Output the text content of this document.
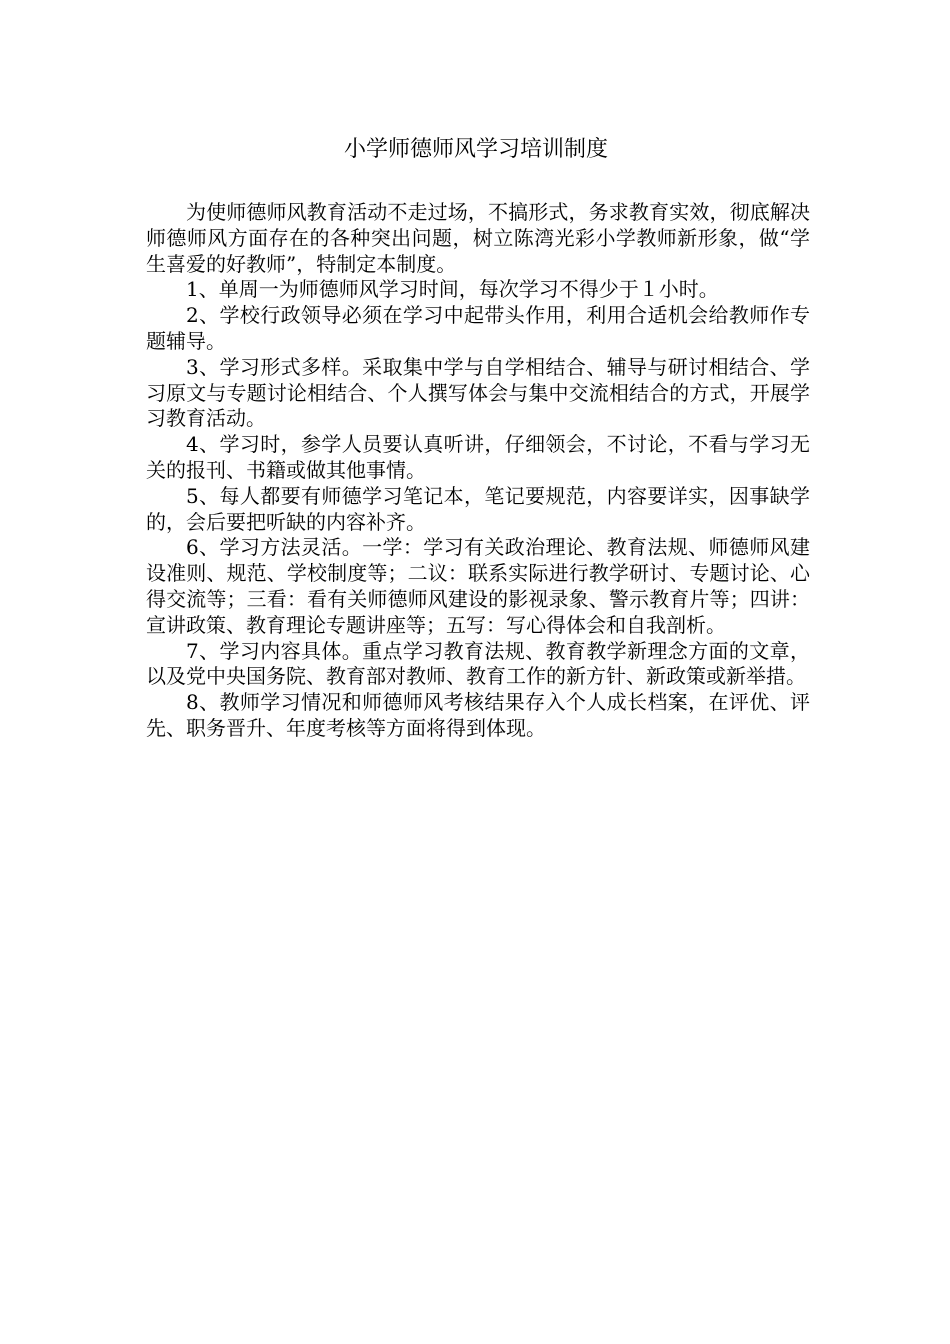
小学师德师风学习培训制度

为使师德师风教育活动不走过场，不搞形式，务求教育实效，彻底解决师德师风方面存在的各种突出问题，树立陈湾光彩小学教师新形象，做“学生喜爱的好教师”，特制定本制度。

1、单周一为师德师风学习时间，每次学习不得少于１小时。

2、学校行政领导必须在学习中起带头作用，利用合适机会给教师作专题辅导。

3、学习形式多样。采取集中学与自学相结合、辅导与研讨相结合、学习原文与专题讨论相结合、个人撰写体会与集中交流相结合的方式，开展学习教育活动。

4、学习时，参学人员要认真听讲，仔细领会，不讨论，不看与学习无关的报刊、书籍或做其他事情。

5、每人都要有师德学习笔记本，笔记要规范，内容要详实，因事缺学的，会后要把听缺的内容补齐。

6、学习方法灵活。一学：学习有关政治理论、教育法规、师德师风建设准则、规范、学校制度等；二议：联系实际进行教学研讨、专题讨论、心得交流等；三看：看有关师德师风建设的影视录象、警示教育片等；四讲：宣讲政策、教育理论专题讲座等；五写：写心得体会和自我剖析。

7、学习内容具体。重点学习教育法规、教育教学新理念方面的文章，以及党中央国务院、教育部对教师、教育工作的新方针、新政策或新举措。

8、教师学习情况和师德师风考核结果存入个人成长档案，在评优、评先、职务晋升、年度考核等方面将得到体现。
